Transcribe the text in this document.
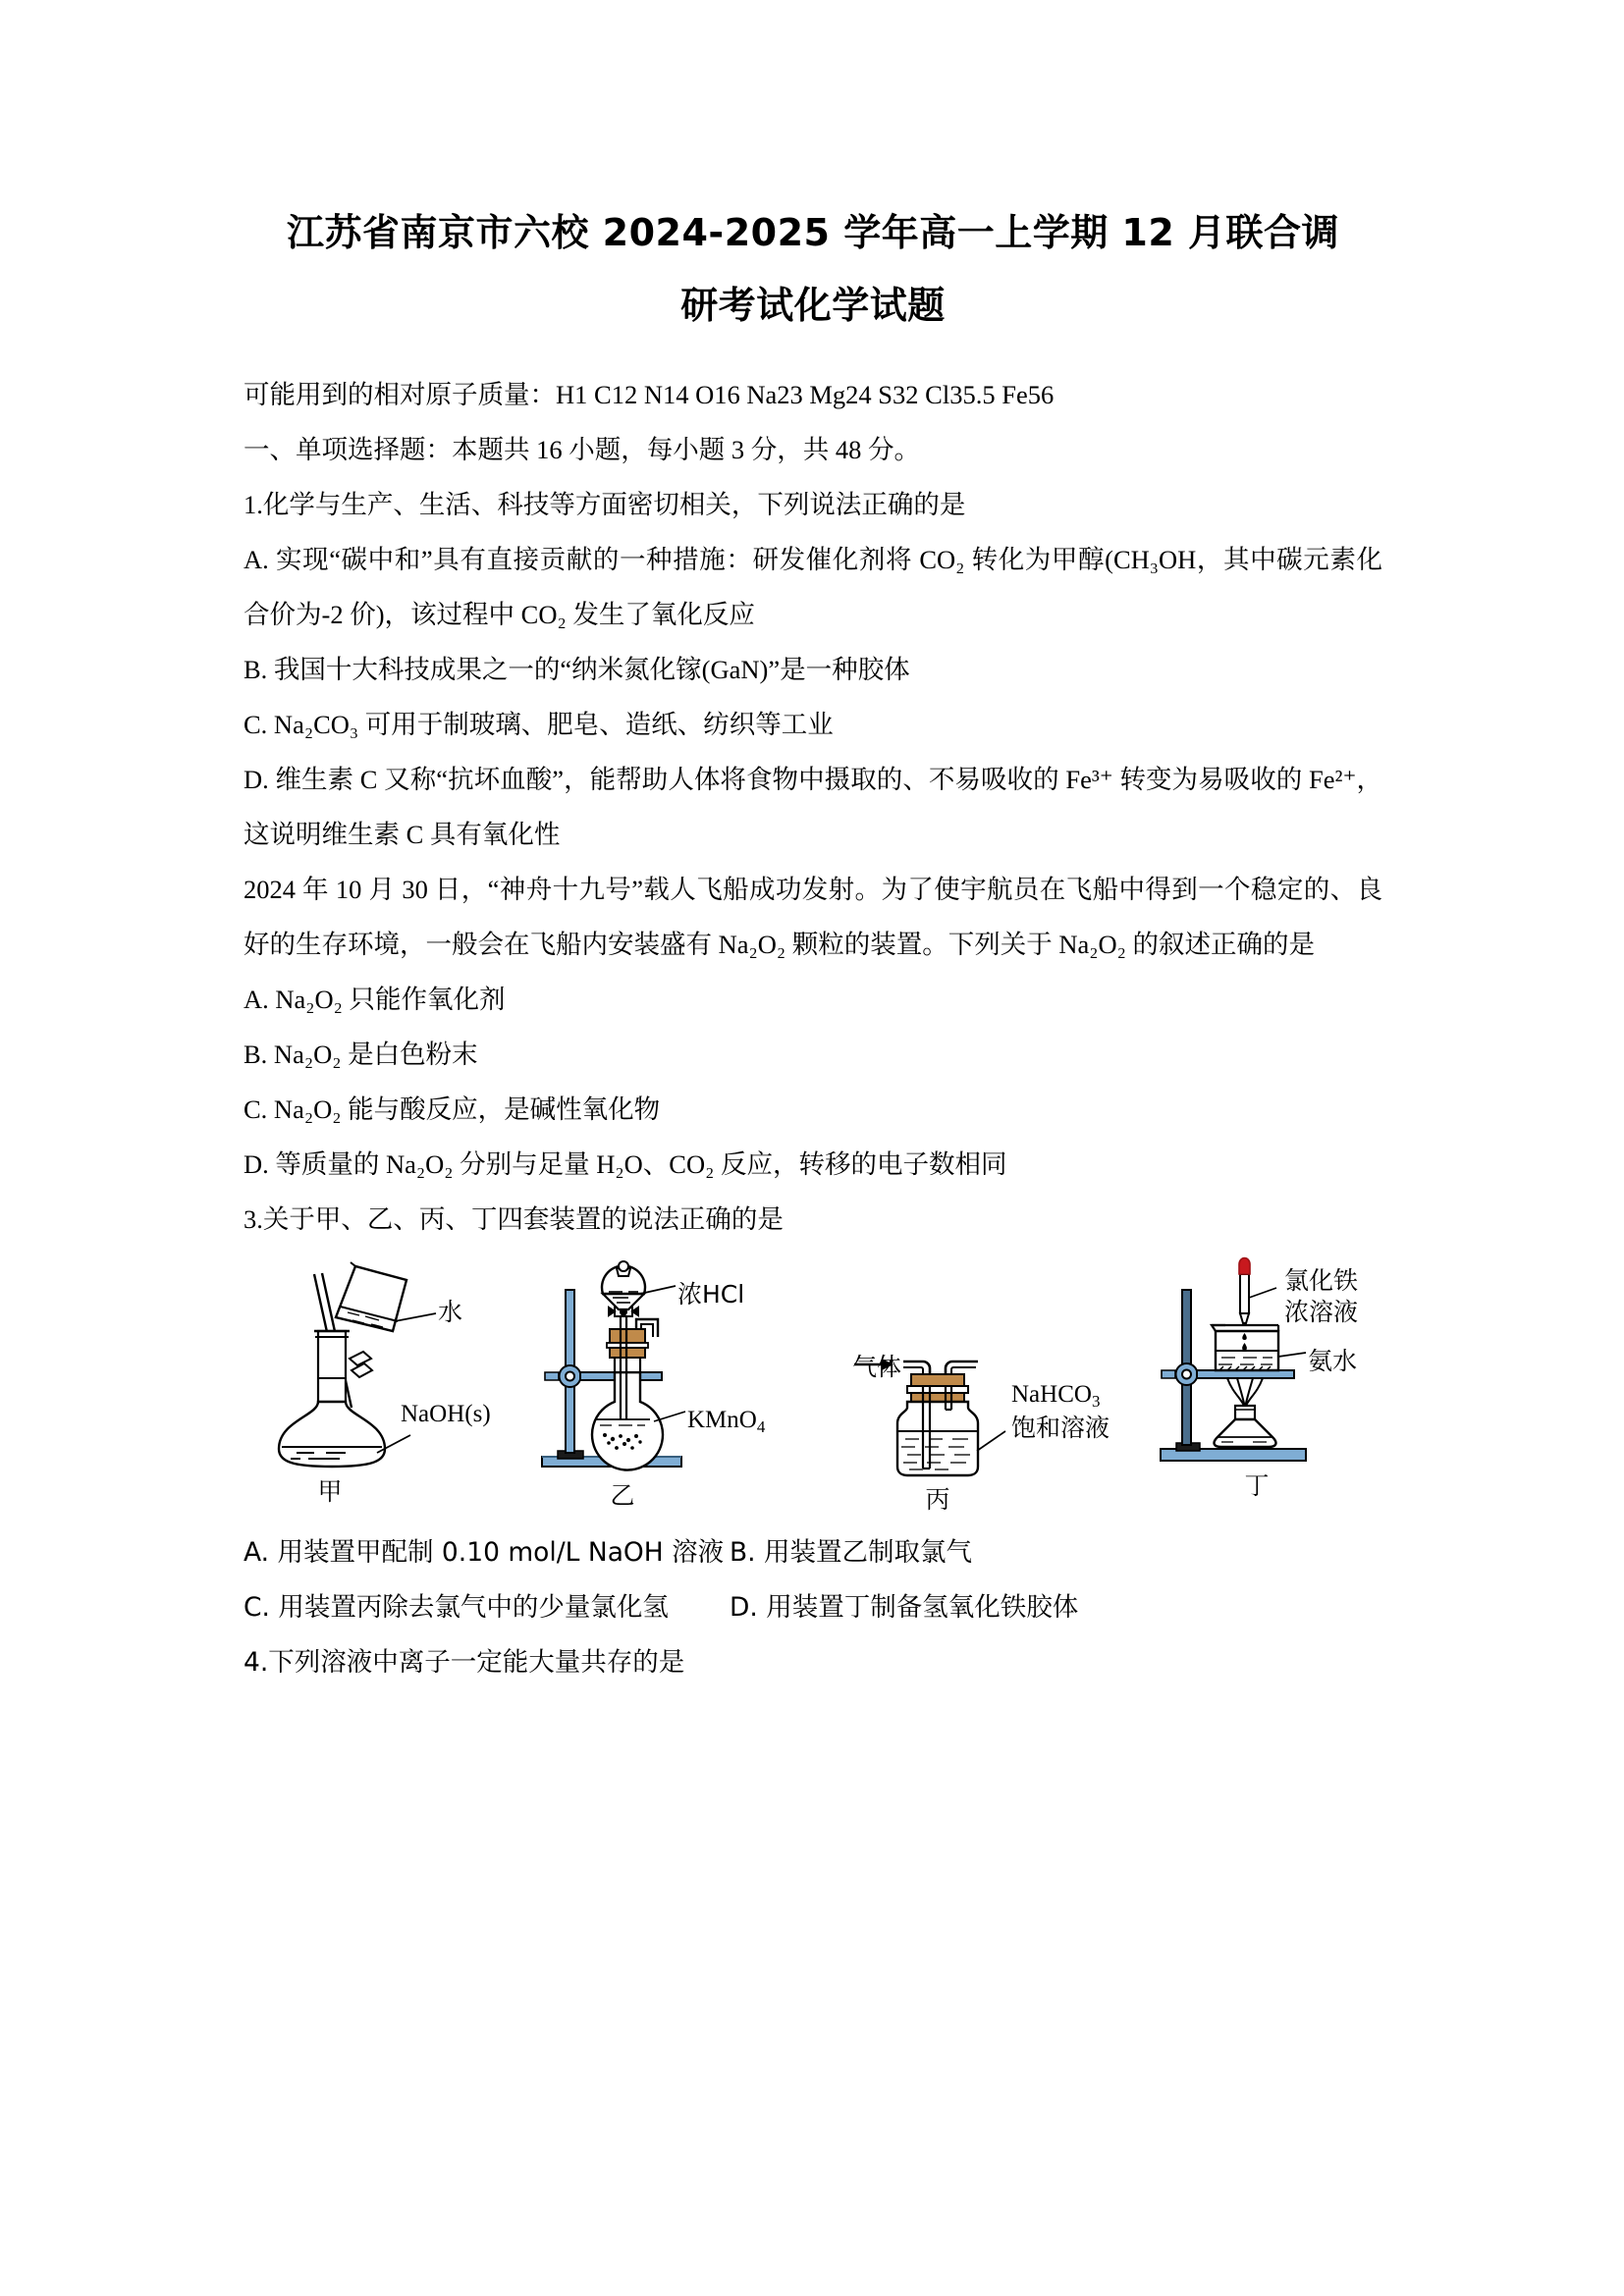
江苏省南京市六校 2024-2025 学年高一上学期 12 月联合调
研考试化学试题

可能用到的相对原子质量：H1 C12 N14 O16 Na23 Mg24 S32 Cl35.5 Fe56

一、单项选择题：本题共 16 小题，每小题 3 分，共 48 分。

1.化学与生产、生活、科技等方面密切相关，下列说法正确的是

A. 实现“碳中和”具有直接贡献的一种措施：研发催化剂将 CO₂ 转化为甲醇(CH₃OH，其中碳元素化合价为-2 价)，该过程中 CO₂ 发生了氧化反应

B. 我国十大科技成果之一的“纳米氮化镓(GaN)”是一种胶体

C. Na₂CO₃ 可用于制玻璃、肥皂、造纸、纺织等工业

D. 维生素 C 又称“抗坏血酸”，能帮助人体将食物中摄取的、不易吸收的 Fe³⁺ 转变为易吸收的 Fe²⁺，这说明维生素 C 具有氧化性

2024 年 10 月 30 日，“神舟十九号”载人飞船成功发射。为了使宇航员在飞船中得到一个稳定的、良好的生存环境，一般会在飞船内安装盛有 Na₂O₂ 颗粒的装置。下列关于 Na₂O₂ 的叙述正确的是

A. Na₂O₂ 只能作氧化剂

B. Na₂O₂ 是白色粉末

C. Na₂O₂ 能与酸反应，是碱性氧化物

D. 等质量的 Na₂O₂ 分别与足量 H₂O、CO₂ 反应，转移的电子数相同

3.关于甲、乙、丙、丁四套装置的说法正确的是

水
NaOH(s)
甲	乙
浓HCl
KMnO$_4$
丙
气体
NaHCO$_3$
饱和溶液
丁
氯化铁
浓溶液
氨水
A. 用装置甲配制 0.10 mol/L NaOH 溶液 B. 用装置乙制取氯气
C. 用装置丙除去氯气中的少量氯化氢	D. 用装置丁制备氢氧化铁胶体

4.下列溶液中离子一定能大量共存的是
